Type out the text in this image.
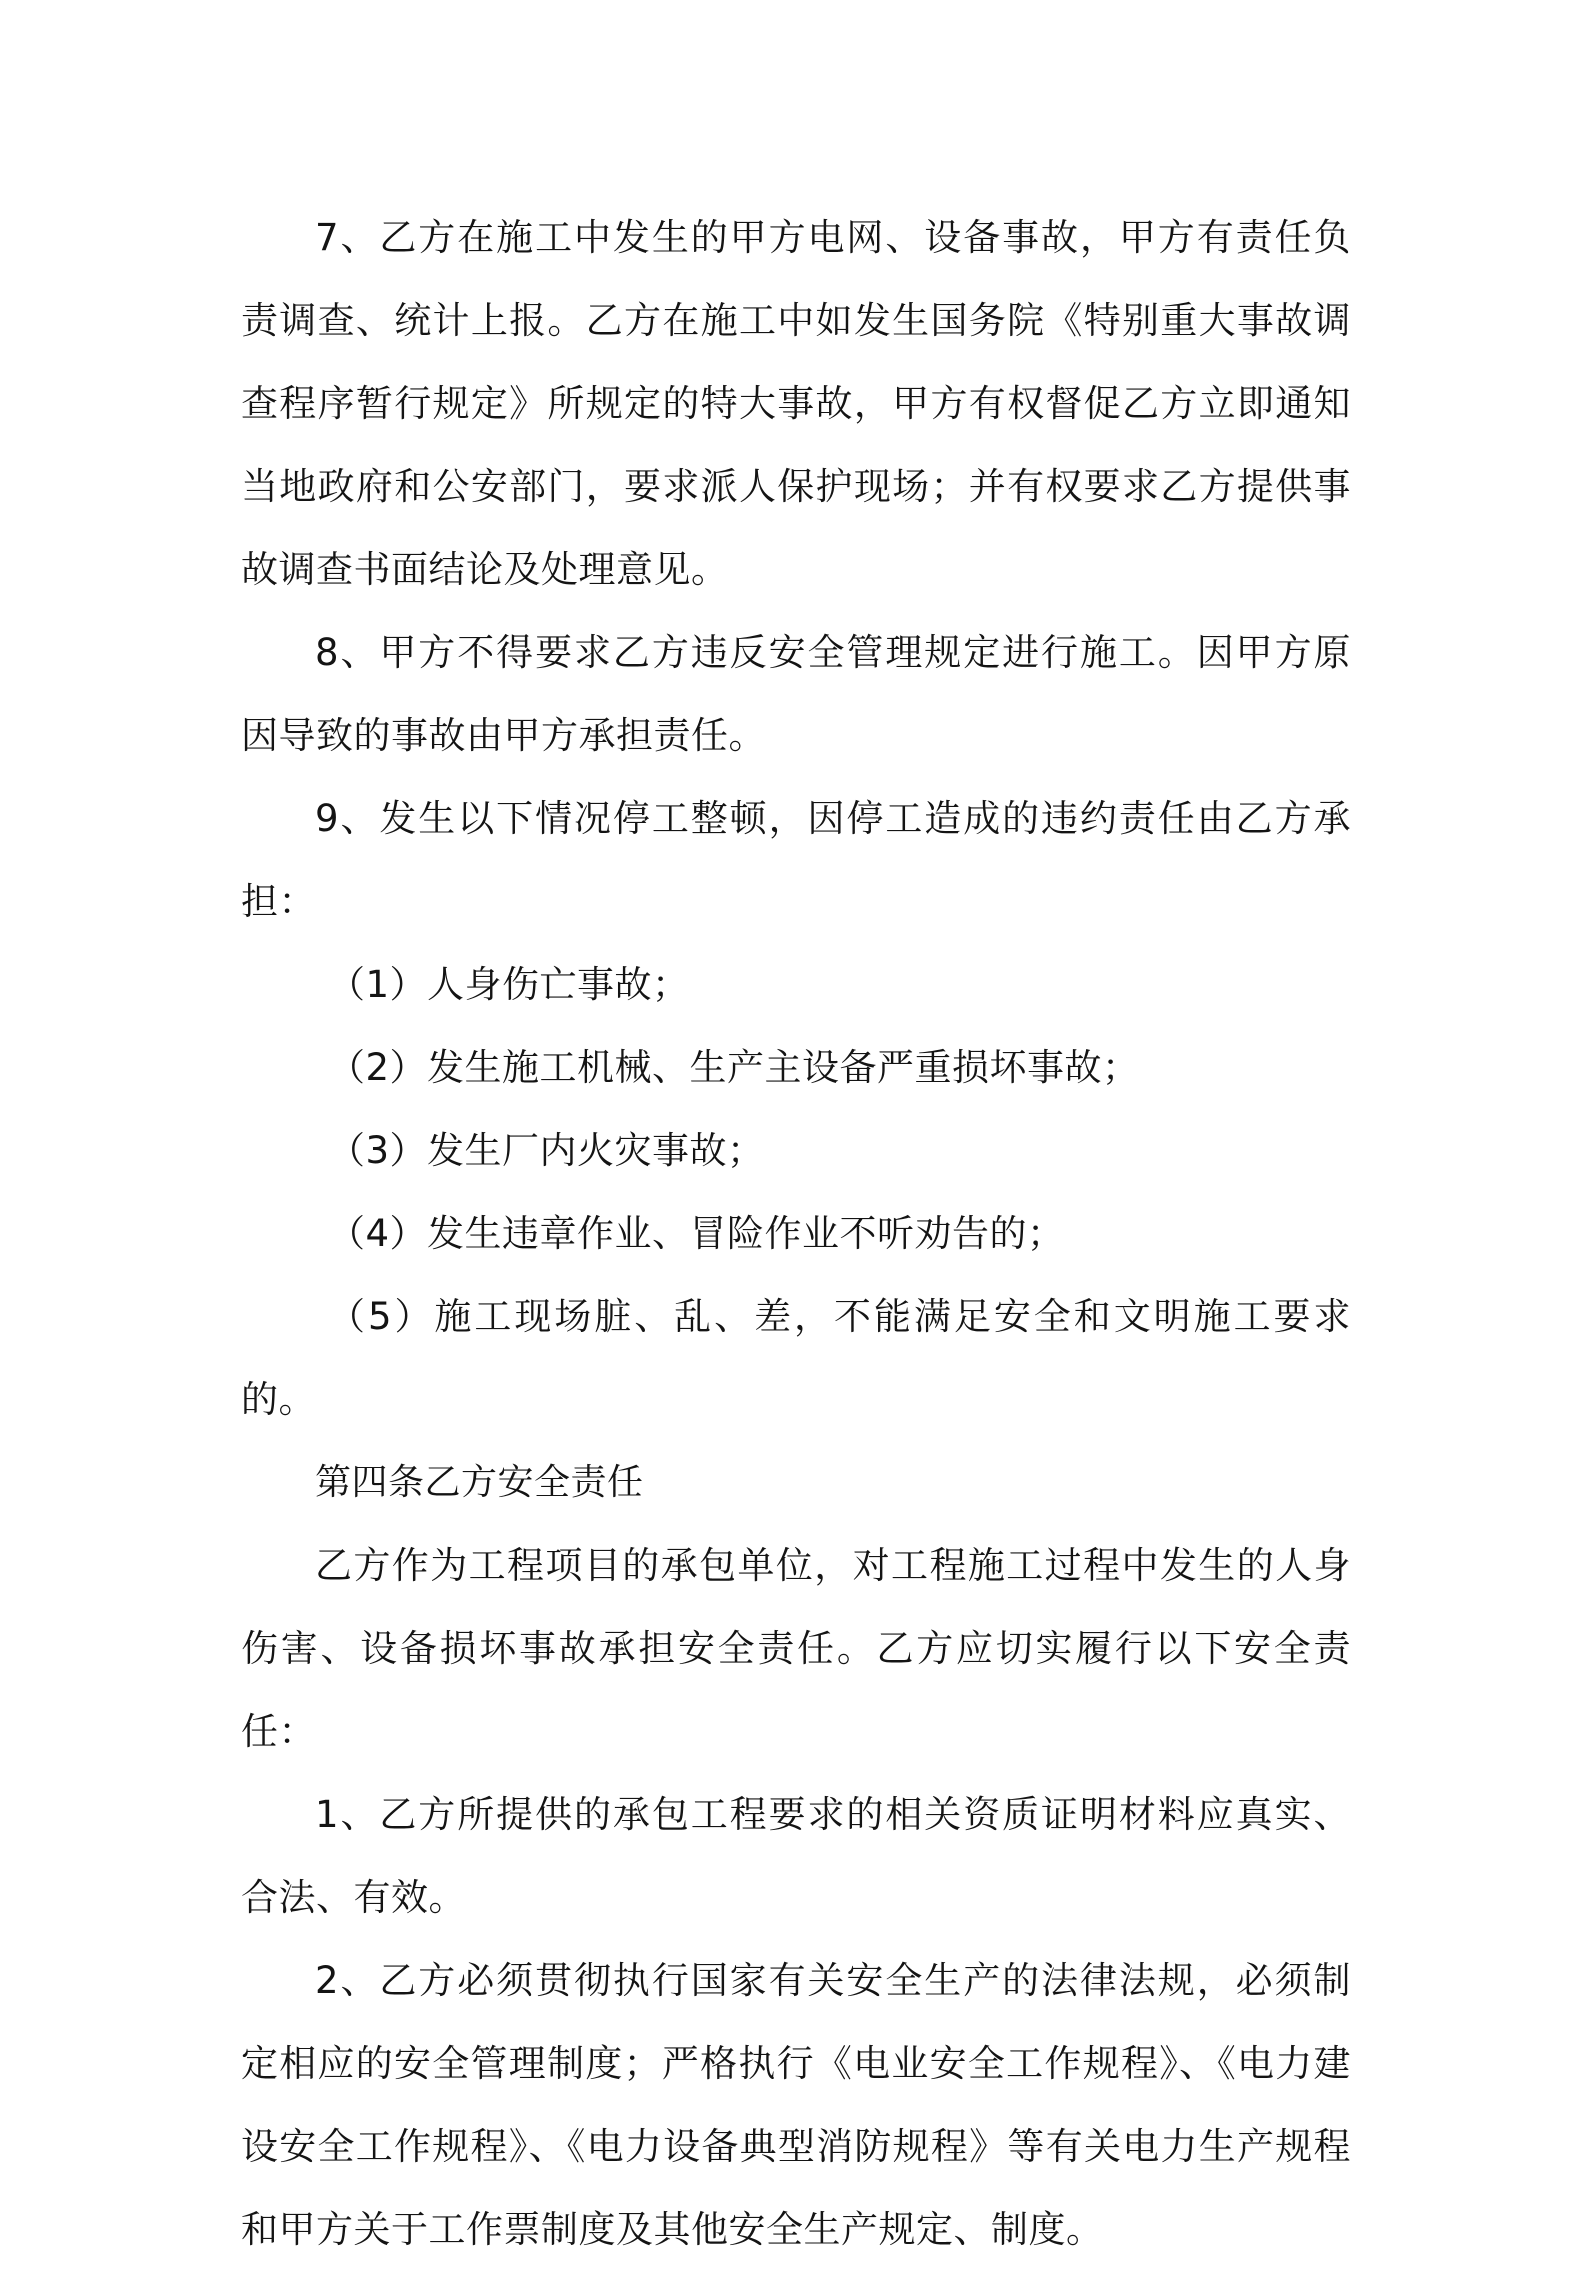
7、乙方在施工中发生的甲方电网、设备事故，甲方有责任负责调查、统计上报。乙方在施工中如发生国务院《特别重大事故调查程序暂行规定》所规定的特大事故，甲方有权督促乙方立即通知当地政府和公安部门，要求派人保护现场；并有权要求乙方提供事故调查书面结论及处理意见。

8、甲方不得要求乙方违反安全管理规定进行施工。因甲方原因导致的事故由甲方承担责任。

9、发生以下情况停工整顿，因停工造成的违约责任由乙方承担：

（1）人身伤亡事故；

（2）发生施工机械、生产主设备严重损坏事故；

（3）发生厂内火灾事故；

（4）发生违章作业、冒险作业不听劝告的；

（5）施工现场脏、乱、差，不能满足安全和文明施工要求的。

第四条乙方安全责任

乙方作为工程项目的承包单位，对工程施工过程中发生的人身伤害、设备损坏事故承担安全责任。乙方应切实履行以下安全责任：

1、乙方所提供的承包工程要求的相关资质证明材料应真实、合法、有效。

2、乙方必须贯彻执行国家有关安全生产的法律法规，必须制定相应的安全管理制度；严格执行《电业安全工作规程》、《电力建设安全工作规程》、《电力设备典型消防规程》等有关电力生产规程和甲方关于工作票制度及其他安全生产规定、制度。
